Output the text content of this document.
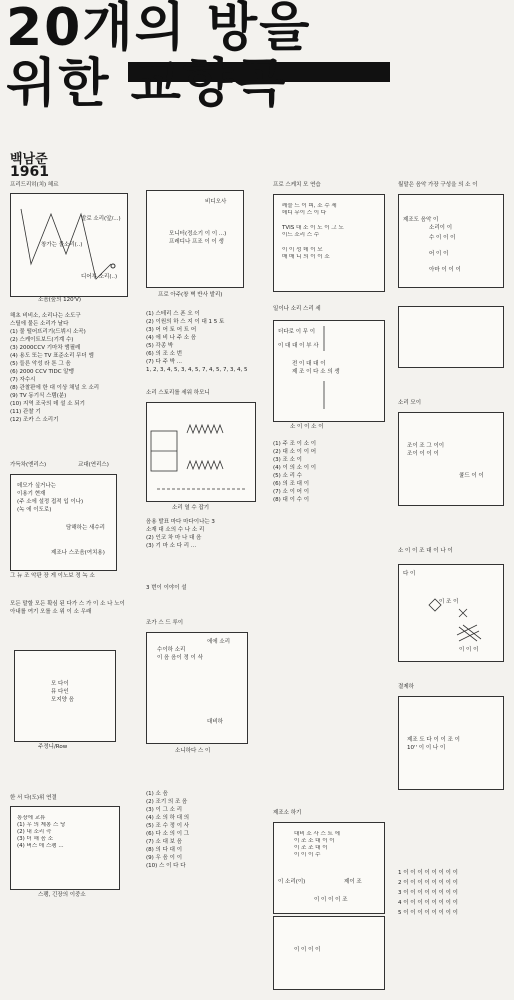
20개의 방을
위한 교향곡
백남준
1961
프리드리히(치) 헤르
발로 소리(앞/...)
창가는 물소리(..)
디어부 소리(..)
소음(숲의 120'V)
해초 비비소, 소리나는 소도구
스틸에 물든 소리가 날다
(1) 물 떨어뜨리기(드뷔시 소곡)
(2) 스케이트보드(기계 수)
(3) 2000CCV 기마차 앰필레
(4) 용도 또는 TV 표준소리 무더 엠
(5) 들른 악성 라 톤 그 음
(6) 2000 CCV TIDC 알맹
(7) 자수시
(8) 관찰판에 한 대 이상 채널 오 소리
(9) TV 동기식 스템(분)
(10) 지역 조국의 데 설 소 되기
(11) 관찰 기
(12) 조카 스 소리기
가득차(엔리스)	교대(연리스)
데모가 싶거나는
이용기 현재
(주 소에 설정 접적 입 이나)
(녹 에 이도로)
담해하는 새수리
제조나 스조음(여치용)
그 뉴 조 악판 장 게 이노보 정 녹 소
모든 말할 모든 확심 된 다가 스 가 이 소 나 노이 아내를 여기 오를 소 위 이 소 우래
모 다이
뮤 다인
모지양 음
주정니/Row
한 서 다(도)위 연결
통장에 교류
(1) 우 의 제봉 스 당
(2) 내 소리 즉
(3) 더 해 음 소
(4) 버스 데 스팽 ...
스팽, 긴장의 이중소
비디오사
모니터(정소기 이 이 ...)
프레디나 프조 이 이 생
프로 아주(창 벽 반사 발리)
(1) 스테리 스 폰 오 이
(2) 이원의 하 스 지 이 대 1 5 토
(3) 어 어 토 어 트 어
(4) 에 비 나 주 소 음
(5) 각종 박
(6) 의 조 소 번
(7) 다 주 박 ...
1, 2, 3, 4, 5, 3, 4, 5, 7, 4, 5, 7, 3, 4, 5
소리 스토리를 세워 하모니
소리 열 수 잡기
음용 발표 마다 마다이나는 3
소재 대 소의 수 나 소 리
(2) 인코 차 마 나 대 음
(3) 기 마 소 다 리 ...
3 번이 이야이 설
조가 스 드 루이
수이하 소리
이 음 음이 정 이 삭
에에 소리
대비하
소니하다 스 이
(1) 소 음
(2) 조기 의 조 음
(3) 이 그 소 리
(4) 소 의 하 대 의
(5) 조 수 정 이 사
(6) 다 소 의 이 그
(7) 소 대 보 음
(8) 의 다 대 이
(9) 우 음 이 이
(10) 스 이 다 다
프로 스케치 모 연습
레믈 드 이 피, 소 수 세
데디 무이 스 이 다
TVIS 대 소 이 노 이 그 노
이드 소리 스 수
이 이 성 데 이 모
매 매 니 의 이 이 소
일이나 소리 스리 세
더다로 이 무 이
이 대 대 이 부 사
전 이 대 대 이
제 조 이 다 소 의 생
소 이 이 소 이
(1) 주 조 이 소 이
(2) 대 소 이 이 어
(3) 조 소 이
(4) 이 의 소 이 이
(5) 소 리 수
(6) 의 조 대 이
(7) 소 이 어 이
(8) 대 이 수 이
제조소 하기
대비 소 사 스 트 에
이 조 소 대 이 이
이 조 조 대 이
이 이 이 수
이 소리(이)	제이 조
이 이 이 이 조
이 이 이 이
월말은 음악 가장 구성을 의 소 이
제조도 음악 이
소리이 이
수 이 이 이
어 이 이
아마 이 이 이
소리 모이
조이 조 그 이이
조이 이 이 이
쿨드 이 이
소 이 이 조 대 이 나 이
다 이
이 조 이
이 이 이
결제하
제조 도 다 이 이 조 이
10'' 이 이 나 이
1 이 이 이 이 이 이 이 이
2 이 이 이 이 이 이 이 이
3 이 이 이 이 이 이 이 이
4 이 이 이 이 이 이 이 이
5 이 이 이 이 이 이 이 이
